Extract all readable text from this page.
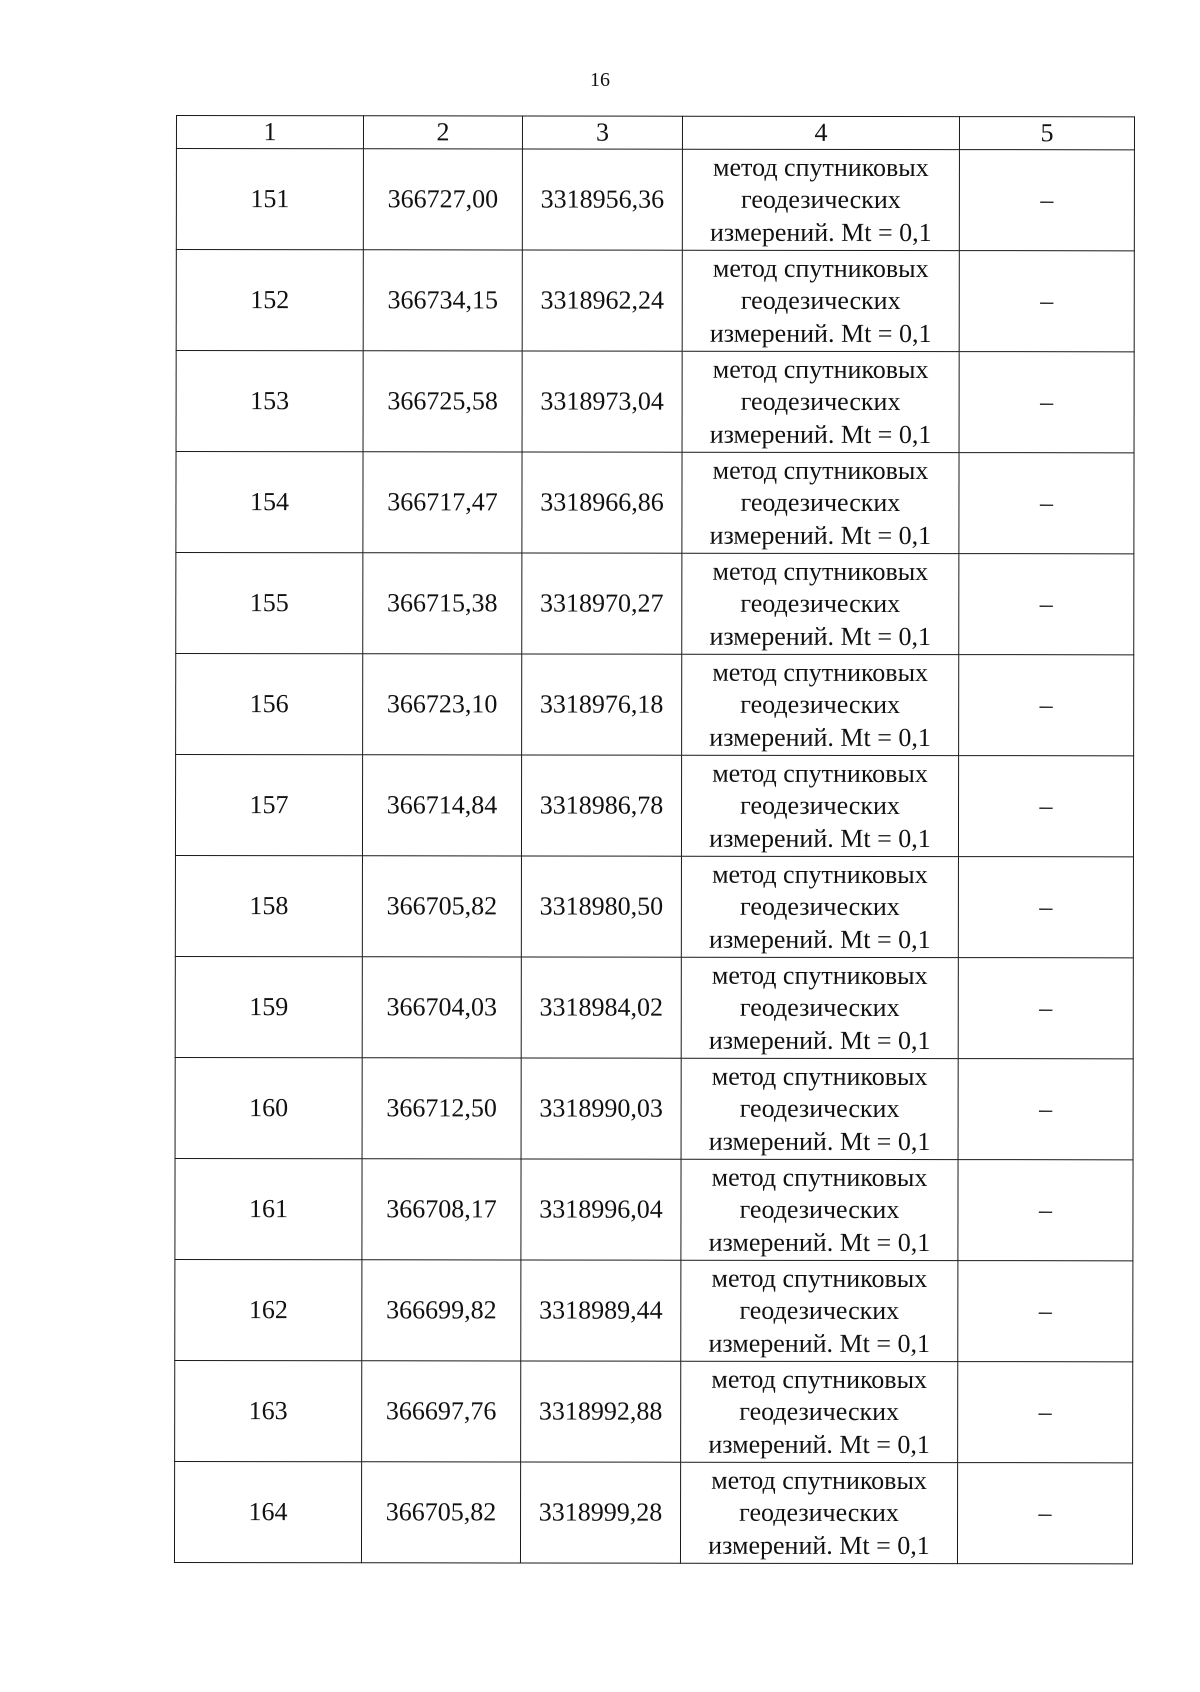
16
1	2	3	4	5
151	366727,00	3318956,36	метод спутниковых
геодезических
измерений. Mt = 0,1	–
152	366734,15	3318962,24	метод спутниковых
геодезических
измерений. Mt = 0,1	–
153	366725,58	3318973,04	метод спутниковых
геодезических
измерений. Mt = 0,1	–
154	366717,47	3318966,86	метод спутниковых
геодезических
измерений. Mt = 0,1	–
155	366715,38	3318970,27	метод спутниковых
геодезических
измерений. Mt = 0,1	–
156	366723,10	3318976,18	метод спутниковых
геодезических
измерений. Mt = 0,1	–
157	366714,84	3318986,78	метод спутниковых
геодезических
измерений. Mt = 0,1	–
158	366705,82	3318980,50	метод спутниковых
геодезических
измерений. Mt = 0,1	–
159	366704,03	3318984,02	метод спутниковых
геодезических
измерений. Mt = 0,1	–
160	366712,50	3318990,03	метод спутниковых
геодезических
измерений. Mt = 0,1	–
161	366708,17	3318996,04	метод спутниковых
геодезических
измерений. Mt = 0,1	–
162	366699,82	3318989,44	метод спутниковых
геодезических
измерений. Mt = 0,1	–
163	366697,76	3318992,88	метод спутниковых
геодезических
измерений. Mt = 0,1	–
164	366705,82	3318999,28	метод спутниковых
геодезических
измерений. Mt = 0,1	–
